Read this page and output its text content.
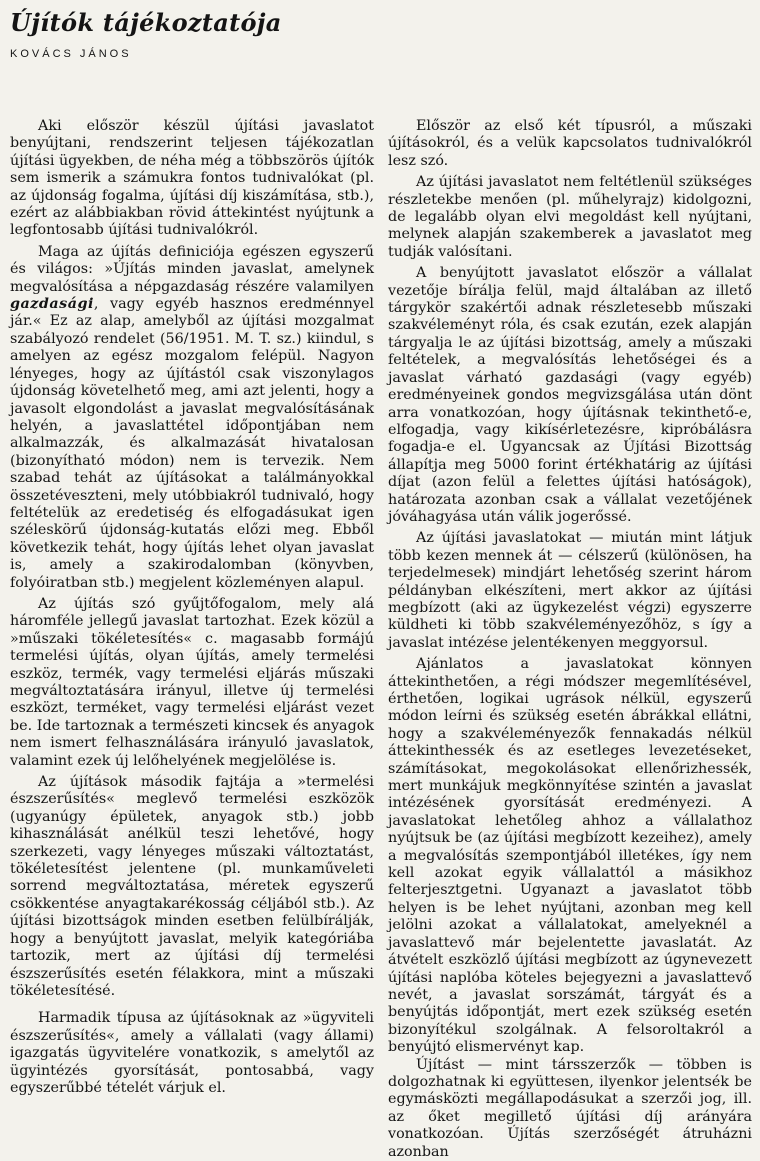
Újítók tájékoztatója
KOVÁCS JÁNOS

Aki először készül újítási javaslatot benyújtani, rendszerint teljesen tájékozatlan újítási ügyekben, de néha még a többszörös újítók sem ismerik a számukra fontos tudnivalókat (pl. az újdonság fogalma, újítási díj kiszámítása, stb.), ezért az alábbiakban rövid áttekintést nyújtunk a legfontosabb újítási tudnivalókról.

Maga az újítás definiciója egészen egyszerű és világos: »Újítás minden javaslat, amelynek megvalósítása a népgazdaság részére valamilyen gazdasági, vagy egyéb hasznos eredménnyel jár.« Ez az alap, amelyből az újítási mozgalmat szabályozó rendelet (56/1951. M. T. sz.) kiindul, s amelyen az egész mozgalom felépül. Nagyon lényeges, hogy az újítástól csak viszonylagos újdonság követelhető meg, ami azt jelenti, hogy a javasolt elgondolást a javaslat megvalósításának helyén, a javaslattétel időpontjában nem alkalmazzák, és alkalmazását hivatalosan (bizonyítható módon) nem is tervezik. Nem szabad tehát az újításokat a találmányokkal összetéveszteni, mely utóbbiakról tudnivaló, hogy feltételük az eredetiség és elfogadásukat igen széleskörű újdonság-kutatás előzi meg. Ebből következik tehát, hogy újítás lehet olyan javaslat is, amely a szakirodalomban (könyvben, folyóiratban stb.) megjelent közleményen alapul.

Az újítás szó gyűjtőfogalom, mely alá háromféle jellegű javaslat tartozhat. Ezek közül a »műszaki tökéletesítés« c. magasabb formájú termelési újítás, olyan újítás, amely termelési eszköz, termék, vagy termelési eljárás műszaki megváltoztatására irányul, illetve új termelési eszközt, terméket, vagy termelési eljárást vezet be. Ide tartoznak a természeti kincsek és anyagok nem ismert felhasználására irányuló javaslatok, valamint ezek új lelőhelyének megjelölése is.

Az újítások második fajtája a »termelési észszerűsítés« meglevő termelési eszközök (ugyanúgy épületek, anyagok stb.) jobb kihasználását anélkül teszi lehetővé, hogy szerkezeti, vagy lényeges műszaki változtatást, tökéletesítést jelentene (pl. munkaműveleti sorrend megváltoztatása, méretek egyszerű csökkentése anyagtakarékosság céljából stb.). Az újítási bizottságok minden esetben felülbírálják, hogy a benyújtott javaslat, melyik kategóriába tartozik, mert az újítási díj termelési észszerűsítés esetén félakkora, mint a műszaki tökéletesítésé.

Harmadik típusa az újításoknak az »ügyviteli észszerűsítés«, amely a vállalati (vagy állami) igazgatás ügyvitelére vonatkozik, s amelytől az ügyintézés gyorsítását, pontosabbá, vagy egyszerűbbé tételét várjuk el.

Először az első két típusról, a műszaki újításokról, és a velük kapcsolatos tudnivalókról lesz szó.

Az újítási javaslatot nem feltétlenül szükséges részletekbe menően (pl. műhelyrajz) kidolgozni, de legalább olyan elvi megoldást kell nyújtani, melynek alapján szakemberek a javaslatot meg tudják valósítani.

A benyújtott javaslatot először a vállalat vezetője bírálja felül, majd általában az illető tárgykör szakértői adnak részletesebb műszaki szakvéleményt róla, és csak ezután, ezek alapján tárgyalja le az újítási bizottság, amely a műszaki feltételek, a megvalósítás lehetőségei és a javaslat várható gazdasági (vagy egyéb) eredményeinek gondos megvizsgálása után dönt arra vonatkozóan, hogy újításnak tekinthető-e, elfogadja, vagy kikísérletezésre, kipróbálásra fogadja-e el. Ugyancsak az Újítási Bizottság állapítja meg 5000 forint értékhatárig az újítási díjat (azon felül a felettes újítási hatóságok), határozata azonban csak a vállalat vezetőjének jóváhagyása után válik jogerőssé.

Az újítási javaslatokat — miután mint látjuk több kezen mennek át — célszerű (különösen, ha terjedelmesek) mindjárt lehetőség szerint három példányban elkészíteni, mert akkor az újítási megbízott (aki az ügykezelést végzi) egyszerre küldheti ki több szakvéleményezőhöz, s így a javaslat intézése jelentékenyen meggyorsul.

Ajánlatos a javaslatokat könnyen áttekinthetően, a régi módszer megemlítésével, érthetően, logikai ugrások nélkül, egyszerű módon leírni és szükség esetén ábrákkal ellátni, hogy a szakvéleményezők fennakadás nélkül áttekinthessék és az esetleges levezetéseket, számításokat, megokolásokat ellenőrizhessék, mert munkájuk megkönnyítése szintén a javaslat intézésének gyorsítását eredményezi. A javaslatokat lehetőleg ahhoz a vállalathoz nyújtsuk be (az újítási megbízott kezeihez), amely a megvalósítás szempontjából illetékes, így nem kell azokat egyik vállalattól a másikhoz felterjesztgetni. Ugyanazt a javaslatot több helyen is be lehet nyújtani, azonban meg kell jelölni azokat a vállalatokat, amelyeknél a javaslattevő már bejelentette javaslatát. Az átvételt eszközlő újítási megbízott az úgynevezett újítási naplóba köteles bejegyezni a javaslattevő nevét, a javaslat sorszámát, tárgyát és a benyújtás időpontját, mert ezek szükség esetén bizonyítékul szolgálnak. A felsoroltakról a benyújtó elismervényt kap.

Újítást — mint társszerzők — többen is dolgozhatnak ki együttesen, ilyenkor jelentsék be egymásközti megállapodásukat a szerzői jog, ill. az őket megillető újítási díj arányára vonatkozóan. Újítás szerzőségét átruházni azonban
